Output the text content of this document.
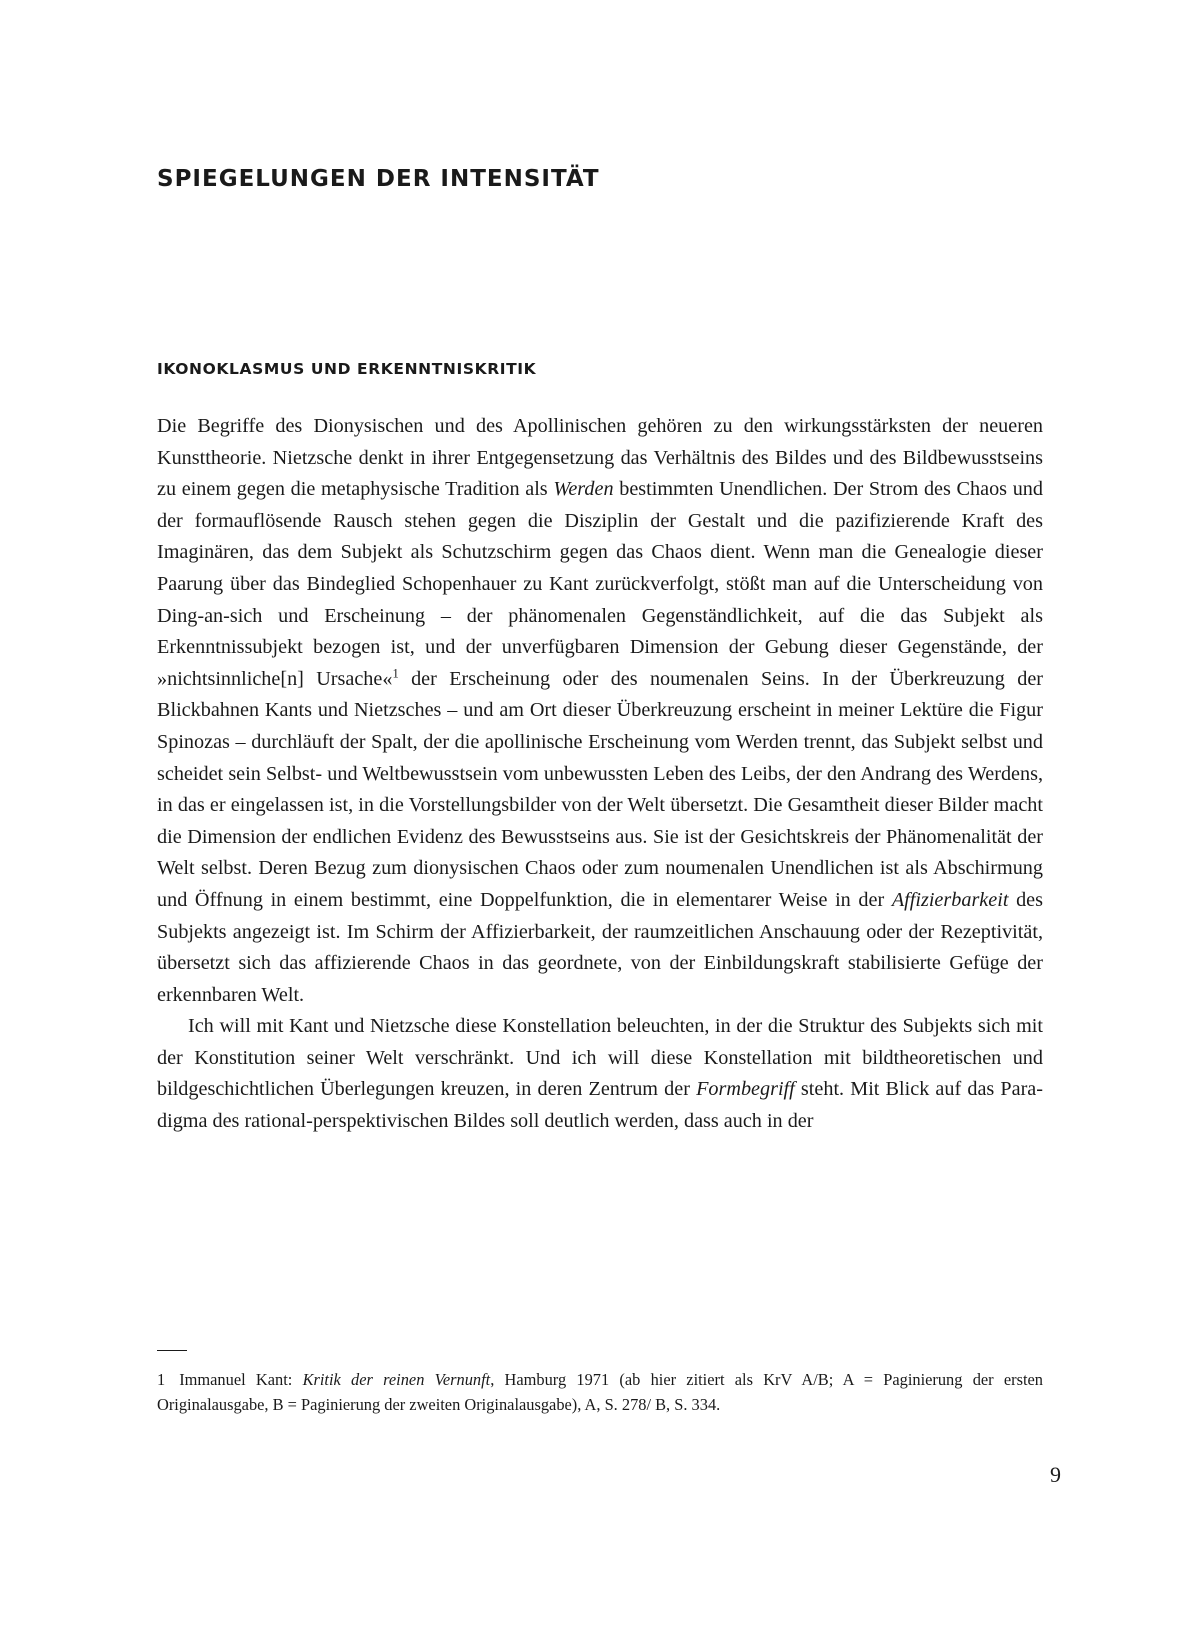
SPIEGELUNGEN DER INTENSITÄT
IKONOKLASMUS UND ERKENNTNISKRITIK

Die Begriffe des Dionysischen und des Apollinischen gehören zu den wirkungsstärksten der neueren Kunsttheorie. Nietzsche denkt in ihrer Entgegensetzung das Verhältnis des Bildes und des Bildbewusstseins zu einem gegen die metaphysische Tradition als Werden bestimmten Unendlichen. Der Strom des Chaos und der formauflösende Rausch stehen gegen die Disziplin der Gestalt und die pazifizierende Kraft des Imaginären, das dem Subjekt als Schutzschirm gegen das Chaos dient. Wenn man die Genealogie dieser Paarung über das Bindeglied Schopenhauer zu Kant zurückverfolgt, stößt man auf die Unterscheidung von Ding-an-sich und Erscheinung – der phänomenalen Gegenständlichkeit, auf die das Subjekt als Erkenntnissubjekt bezogen ist, und der unverfügbaren Dimension der Gebung dieser Gegenstände, der »nichtsinnliche[n] Ursache«$^1$ der Erscheinung oder des noumenalen Seins. In der Überkreuzung der Blickbahnen Kants und Nietzsches – und am Ort dieser Überkreuzung erscheint in meiner Lektüre die Figur Spinozas – durchläuft der Spalt, der die apollinische Erscheinung vom Werden trennt, das Subjekt selbst und scheidet sein Selbst- und Weltbewusstsein vom unbewussten Leben des Leibs, der den Andrang des Werdens, in das er eingelassen ist, in die Vorstellungsbilder von der Welt übersetzt. Die Gesamtheit dieser Bilder macht die Dimension der endlichen Evidenz des Bewusstseins aus. Sie ist der Gesichtskreis der Phänomenalität der Welt selbst. Deren Bezug zum dionysischen Chaos oder zum noumenalen Unendlichen ist als Abschirmung und Öffnung in einem bestimmt, eine Doppelfunktion, die in elementarer Weise in der Affizierbarkeit des Subjekts angezeigt ist. Im Schirm der Affizierbarkeit, der raumzeitlichen Anschauung oder der Rezeptivität, übersetzt sich das affizierende Chaos in das geordnete, von der Einbildungskraft stabilisierte Gefüge der erkennbaren Welt.

Ich will mit Kant und Nietzsche diese Konstellation beleuchten, in der die Struktur des Subjekts sich mit der Konstitution seiner Welt verschränkt. Und ich will diese Konstellation mit bildtheoretischen und bildgeschichtlichen Überlegungen kreuzen, in deren Zentrum der Formbegriff steht. Mit Blick auf das Paradigma des rational-perspektivischen Bildes soll deutlich werden, dass auch in der

1 Immanuel Kant: Kritik der reinen Vernunft, Hamburg 1971 (ab hier zitiert als KrV A/B; A = Paginierung der ersten Originalausgabe, B = Paginierung der zweiten Originalausgabe), A, S. 278/ B, S. 334.
9
